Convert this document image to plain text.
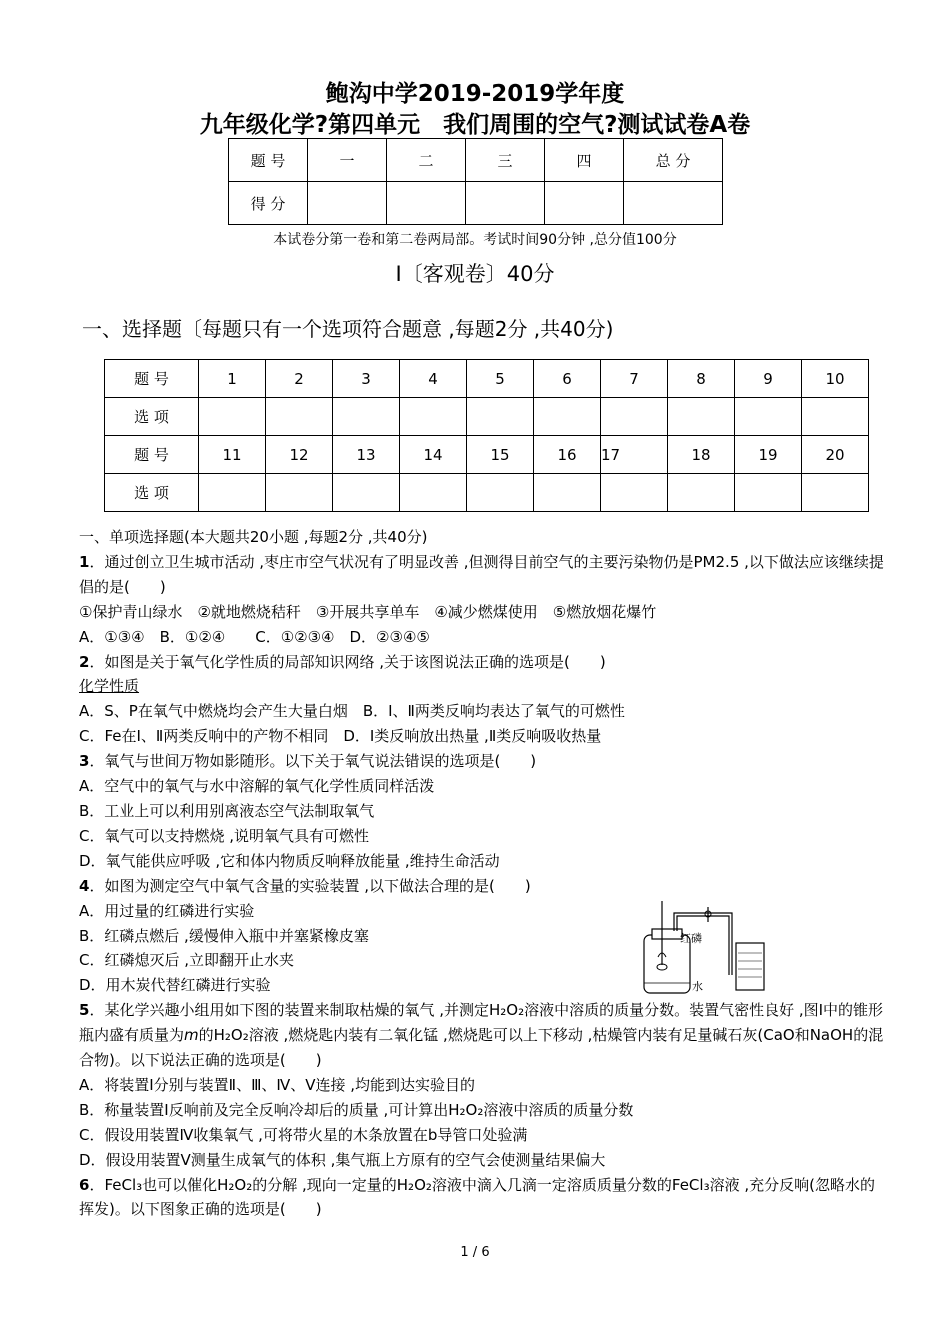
鲍沟中学2019-2019学年度
九年级化学?第四单元　我们周围的空气?测试试卷A卷
题 号	一	二	三	四	总 分
得 分					
本试卷分第一卷和第二卷两局部。考试时间90分钟 ,总分值100分
Ⅰ〔客观卷〕40分
一、选择题〔每题只有一个选项符合题意 ,每题2分 ,共40分)
题 号	1	2	3	4	5	6	7	8	9	10
选 项										
题 号	11	12	13	14	15	16	17	18	19	20
选 项										

一、单项选择题(本大题共20小题 ,每题2分 ,共40分)

1．通过创立卫生城市活动 ,枣庄市空气状况有了明显改善 ,但测得目前空气的主要污染物仍是PM2.5 ,以下做法应该继续提倡的是(　　)

①保护青山绿水　②就地燃烧秸秆　③开展共享单车　④减少燃煤使用　⑤燃放烟花爆竹

A．①③④　B．①②④　　C．①②③④　D．②③④⑤

2．如图是关于氧气化学性质的局部知识网络 ,关于该图说法正确的选项是(　　)

化学性质

A．S、P在氧气中燃烧均会产生大量白烟　B．Ⅰ、Ⅱ两类反响均表达了氧气的可燃性

C．Fe在Ⅰ、Ⅱ两类反响中的产物不相同　D．Ⅰ类反响放出热量 ,Ⅱ类反响吸收热量

3．氧气与世间万物如影随形。以下关于氧气说法错误的选项是(　　)

A．空气中的氧气与水中溶解的氧气化学性质同样活泼

B．工业上可以利用别离液态空气法制取氧气

C．氧气可以支持燃烧 ,说明氧气具有可燃性

D．氧气能供应呼吸 ,它和体内物质反响释放能量 ,维持生命活动

4．如图为测定空气中氧气含量的实验装置 ,以下做法合理的是(　　)

A．用过量的红磷进行实验

B．红磷点燃后 ,缓慢伸入瓶中并塞紧橡皮塞

C．红磷熄灭后 ,立即翻开止水夹

D．用木炭代替红磷进行实验

5．某化学兴趣小组用如下图的装置来制取枯燥的氧气 ,并测定H₂O₂溶液中溶质的质量分数。装置气密性良好 ,图Ⅰ中的锥形瓶内盛有质量为m的H₂O₂溶液 ,燃烧匙内装有二氧化锰 ,燃烧匙可以上下移动 ,枯燥管内装有足量碱石灰(CaO和NaOH的混合物)。以下说法正确的选项是(　　)

A．将装置Ⅰ分别与装置Ⅱ、Ⅲ、Ⅳ、Ⅴ连接 ,均能到达实验目的

B．称量装置Ⅰ反响前及完全反响冷却后的质量 ,可计算出H₂O₂溶液中溶质的质量分数

C．假设用装置Ⅳ收集氧气 ,可将带火星的木条放置在b导管口处验满

D．假设用装置Ⅴ测量生成氧气的体积 ,集气瓶上方原有的空气会使测量结果偏大

6．FeCl₃也可以催化H₂O₂的分解 ,现向一定量的H₂O₂溶液中滴入几滴一定溶质质量分数的FeCl₃溶液 ,充分反响(忽略水的挥发)。以下图象正确的选项是(　　)

红磷
水
1 / 6
